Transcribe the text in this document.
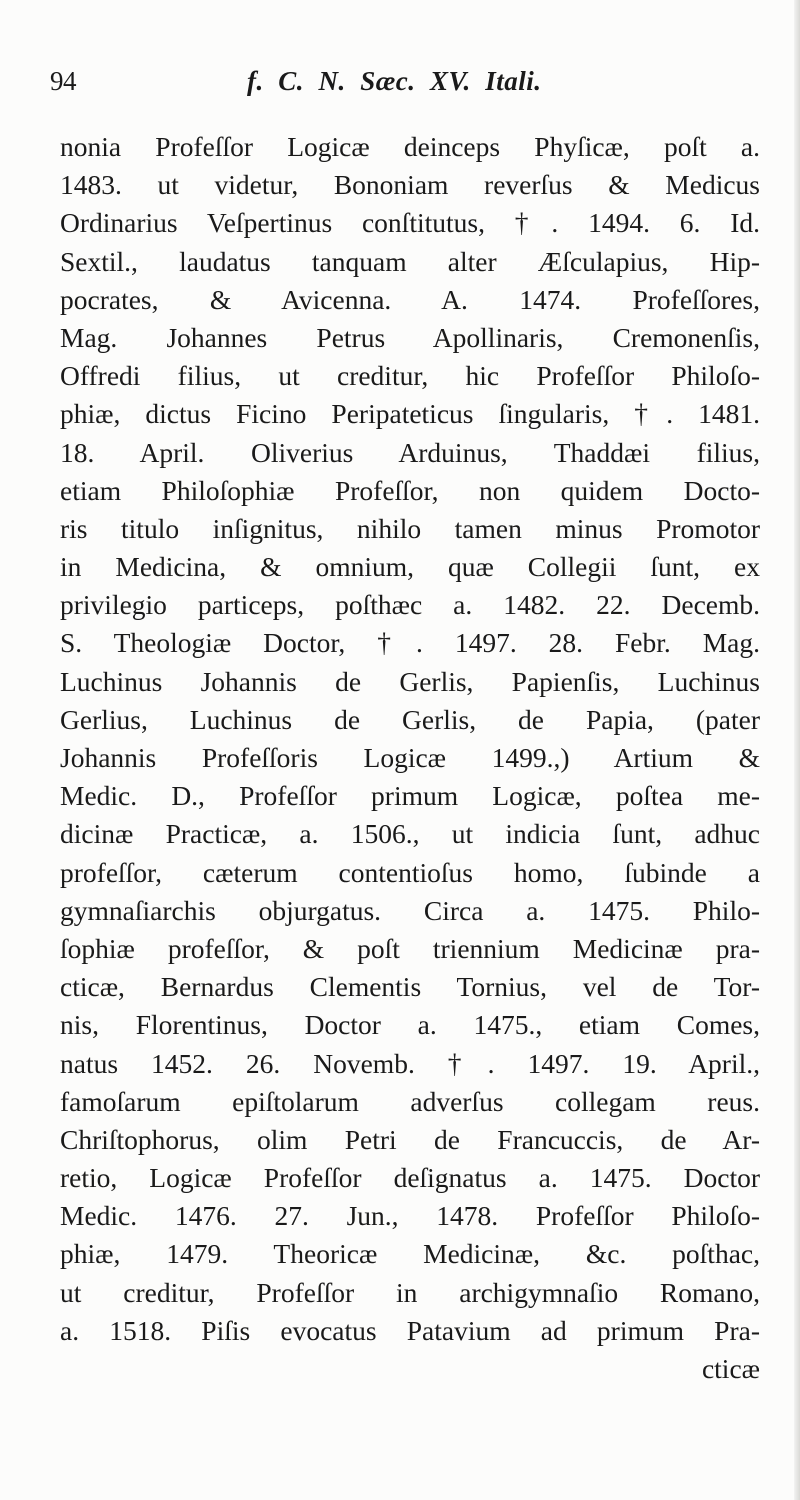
94	f.  C.  N.  Sæc.  XV.  Itali.
nonia Profeſſor Logicæ deinceps Phyſicæ, poſt a.
1483. ut videtur, Bononiam reverſus & Medicus
Ordinarius Veſpertinus conſtitutus, †. 1494. 6. Id.
Sextil., laudatus tanquam alter Æſculapius, Hip-
pocrates, & Avicenna. A. 1474. Profeſſores,
Mag. Johannes Petrus Apollinaris, Cremonenſis,
Offredi filius, ut creditur, hic Profeſſor Philoſo-
phiæ, dictus Ficino Peripateticus ſingularis, †. 1481.
18. April. Oliverius Arduinus, Thaddæi filius,
etiam Philoſophiæ Profeſſor, non quidem Docto-
ris titulo inſignitus, nihilo tamen minus Promotor
in Medicina, & omnium, quæ Collegii ſunt, ex
privilegio particeps, poſthæc a. 1482. 22. Decemb.
S. Theologiæ Doctor, †. 1497. 28. Febr. Mag.
Luchinus Johannis de Gerlis, Papienſis, Luchinus
Gerlius, Luchinus de Gerlis, de Papia, (pater
Johannis Profeſſoris Logicæ 1499.,) Artium &
Medic. D., Profeſſor primum Logicæ, poſtea me-
dicinæ Practicæ, a. 1506., ut indicia ſunt, adhuc
profeſſor, cæterum contentioſus homo, ſubinde a
gymnaſiarchis objurgatus. Circa a. 1475. Philo-
ſophiæ profeſſor, & poſt triennium Medicinæ pra-
cticæ, Bernardus Clementis Tornius, vel de Tor-
nis, Florentinus, Doctor a. 1475., etiam Comes,
natus 1452. 26. Novemb. †. 1497. 19. April.,
famoſarum epiſtolarum adverſus collegam reus.
Chriſtophorus, olim Petri de Francuccis, de Ar-
retio, Logicæ Profeſſor deſignatus a. 1475. Doctor
Medic. 1476. 27. Jun., 1478. Profeſſor Philoſo-
phiæ, 1479. Theoricæ Medicinæ, &c. poſthac,
ut creditur, Profeſſor in archigymnaſio Romano,
a. 1518. Piſis evocatus Patavium ad primum Pra-
cticæ
